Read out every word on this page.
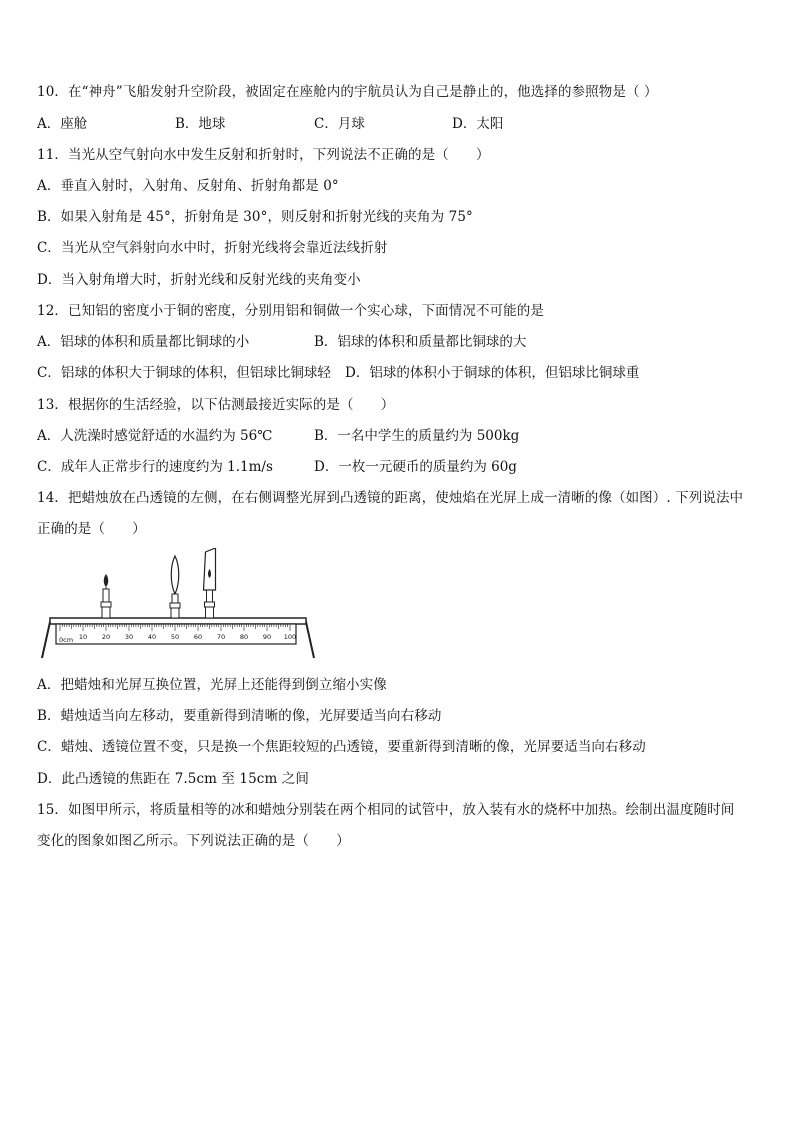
10．在“神舟”飞船发射升空阶段，被固定在座舱内的宇航员认为自己是静止的，他选择的参照物是（ ）
A．座舱	B．地球	C．月球	D．太阳
11．当光从空气射向水中发生反射和折射时，下列说法不正确的是（　　）
A．垂直入射时，入射角、反射角、折射角都是 0°
B．如果入射角是 45°，折射角是 30°，则反射和折射光线的夹角为 75°
C．当光从空气斜射向水中时，折射光线将会靠近法线折射
D．当入射角增大时，折射光线和反射光线的夹角变小
12．已知铝的密度小于铜的密度，分别用铝和铜做一个实心球，下面情况不可能的是
A．铝球的体积和质量都比铜球的小	B．铝球的体积和质量都比铜球的大
C．铝球的体积大于铜球的体积，但铝球比铜球轻 D．铝球的体积小于铜球的体积，但铝球比铜球重
13．根据你的生活经验，以下估测最接近实际的是（　　）
A．人洗澡时感觉舒适的水温约为 56℃	B．一名中学生的质量约为 500kg
C．成年人正常步行的速度约为 1.1m/s	D．一枚一元硬币的质量约为 60g
14．把蜡烛放在凸透镜的左侧，在右侧调整光屏到凸透镜的距离，使烛焰在光屏上成一清晰的像（如图）. 下列说法中
正确的是（　　）
0cm 10 20 30 40 50 60 70 80 90 100
A．把蜡烛和光屏互换位置，光屏上还能得到倒立缩小实像
B．蜡烛适当向左移动，要重新得到清晰的像，光屏要适当向右移动
C．蜡烛、透镜位置不变，只是换一个焦距较短的凸透镜，要重新得到清晰的像，光屏要适当向右移动
D．此凸透镜的焦距在 7.5cm 至 15cm 之间
15．如图甲所示，将质量相等的冰和蜡烛分别装在两个相同的试管中，放入装有水的烧杯中加热。绘制出温度随时间
变化的图象如图乙所示。下列说法正确的是（　　）
